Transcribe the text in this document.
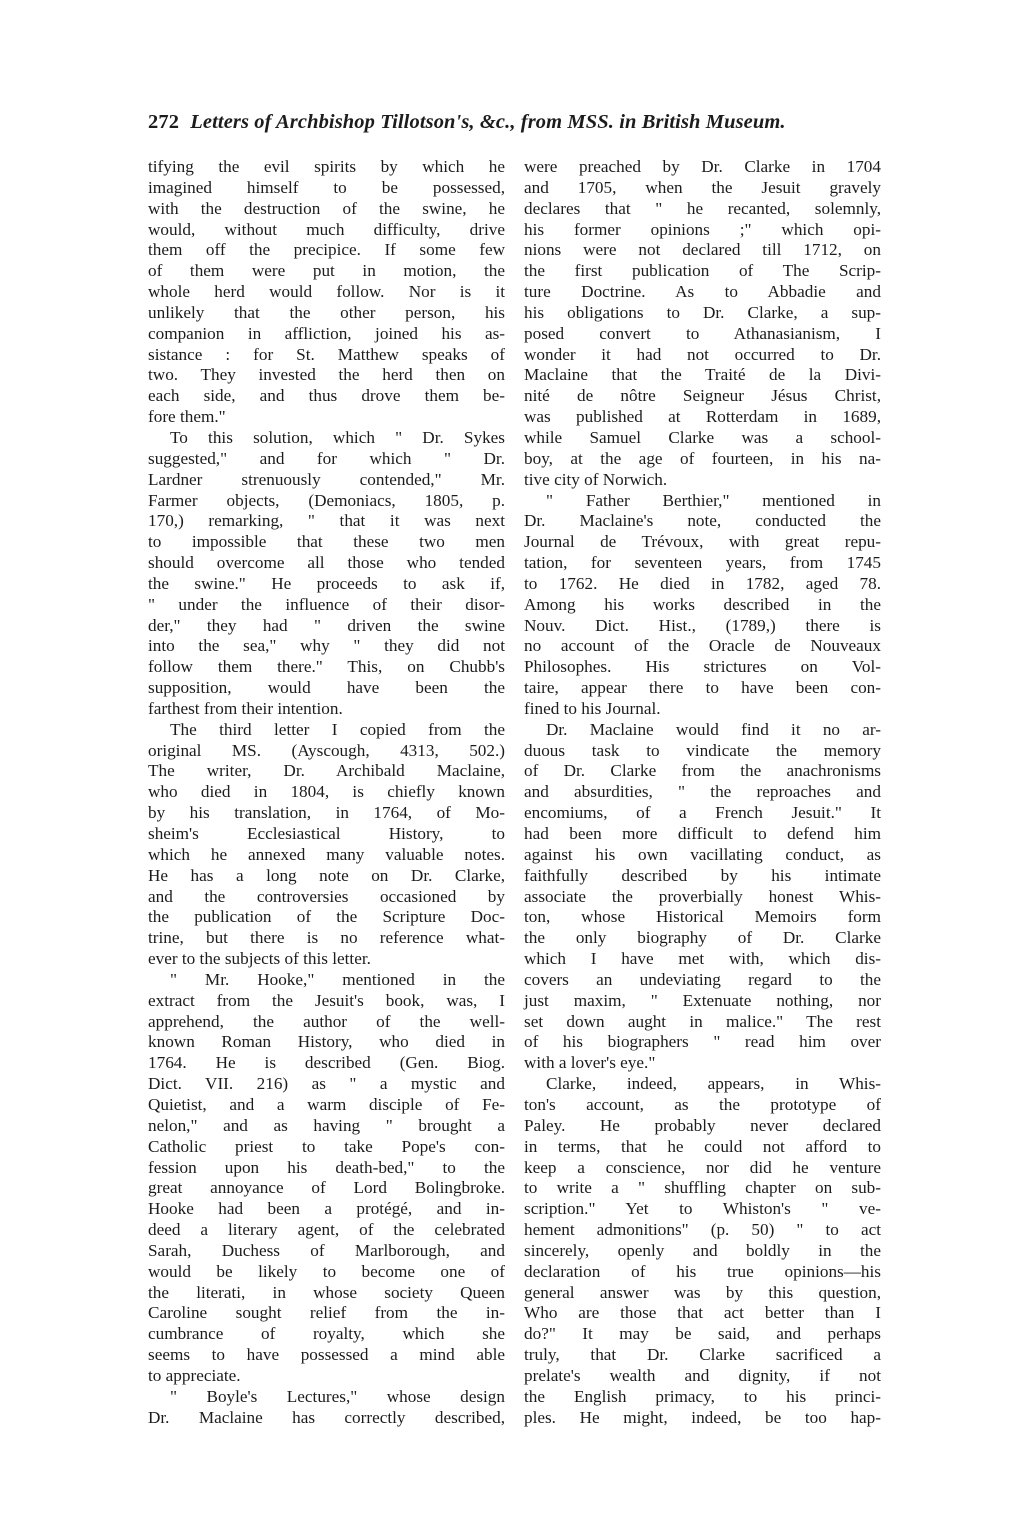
272 Letters of Archbishop Tillotson's, &c., from MSS. in British Museum.

tifying the evil spirits by which he
imagined himself to be possessed,
with the destruction of the swine, he
would, without much difficulty, drive
them off the precipice. If some few
of them were put in motion, the
whole herd would follow. Nor is it
unlikely that the other person, his
companion in affliction, joined his as-
sistance : for St. Matthew speaks of
two. They invested the herd then on
each side, and thus drove them be-
fore them."

To this solution, which " Dr. Sykes
suggested," and for which " Dr.
Lardner strenuously contended," Mr.
Farmer objects, (Demoniacs, 1805, p.
170,) remarking, " that it was next
to impossible that these two men
should overcome all those who tended
the swine." He proceeds to ask if,
" under the influence of their disor-
der," they had " driven the swine
into the sea," why " they did not
follow them there." This, on Chubb's
supposition, would have been the
farthest from their intention.

The third letter I copied from the
original MS. (Ayscough, 4313, 502.)
The writer, Dr. Archibald Maclaine,
who died in 1804, is chiefly known
by his translation, in 1764, of Mo-
sheim's Ecclesiastical History, to
which he annexed many valuable notes.
He has a long note on Dr. Clarke,
and the controversies occasioned by
the publication of the Scripture Doc-
trine, but there is no reference what-
ever to the subjects of this letter.

" Mr. Hooke," mentioned in the
extract from the Jesuit's book, was, I
apprehend, the author of the well-
known Roman History, who died in
1764. He is described (Gen. Biog.
Dict. VII. 216) as " a mystic and
Quietist, and a warm disciple of Fe-
nelon," and as having " brought a
Catholic priest to take Pope's con-
fession upon his death-bed," to the
great annoyance of Lord Bolingbroke.
Hooke had been a protégé, and in-
deed a literary agent, of the celebrated
Sarah, Duchess of Marlborough, and
would be likely to become one of
the literati, in whose society Queen
Caroline sought relief from the in-
cumbrance of royalty, which she
seems to have possessed a mind able
to appreciate.

" Boyle's Lectures," whose design
Dr. Maclaine has correctly described,

were preached by Dr. Clarke in 1704
and 1705, when the Jesuit gravely
declares that " he recanted, solemnly,
his former opinions ;" which opi-
nions were not declared till 1712, on
the first publication of The Scrip-
ture Doctrine. As to Abbadie and
his obligations to Dr. Clarke, a sup-
posed convert to Athanasianism, I
wonder it had not occurred to Dr.
Maclaine that the Traité de la Divi-
nité de nôtre Seigneur Jésus Christ,
was published at Rotterdam in 1689,
while Samuel Clarke was a school-
boy, at the age of fourteen, in his na-
tive city of Norwich.

" Father Berthier," mentioned in
Dr. Maclaine's note, conducted the
Journal de Trévoux, with great repu-
tation, for seventeen years, from 1745
to 1762. He died in 1782, aged 78.
Among his works described in the
Nouv. Dict. Hist., (1789,) there is
no account of the Oracle de Nouveaux
Philosophes. His strictures on Vol-
taire, appear there to have been con-
fined to his Journal.

Dr. Maclaine would find it no ar-
duous task to vindicate the memory
of Dr. Clarke from the anachronisms
and absurdities, " the reproaches and
encomiums, of a French Jesuit." It
had been more difficult to defend him
against his own vacillating conduct, as
faithfully described by his intimate
associate the proverbially honest Whis-
ton, whose Historical Memoirs form
the only biography of Dr. Clarke
which I have met with, which dis-
covers an undeviating regard to the
just maxim, " Extenuate nothing, nor
set down aught in malice." The rest
of his biographers " read him over
with a lover's eye."

Clarke, indeed, appears, in Whis-
ton's account, as the prototype of
Paley. He probably never declared
in terms, that he could not afford to
keep a conscience, nor did he venture
to write a " shuffling chapter on sub-
scription." Yet to Whiston's " ve-
hement admonitions" (p. 50) " to act
sincerely, openly and boldly in the
declaration of his true opinions—his
general answer was by this question,
Who are those that act better than I
do?" It may be said, and perhaps
truly, that Dr. Clarke sacrificed a
prelate's wealth and dignity, if not
the English primacy, to his princi-
ples. He might, indeed, be too hap-
